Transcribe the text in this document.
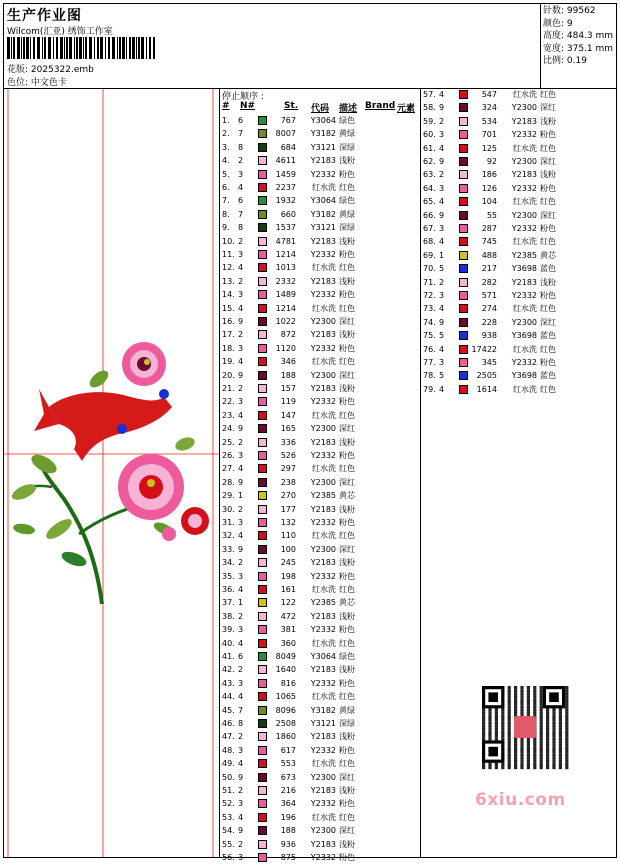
生产作业图
Wilcom(汇亚) 绣饰工作室
花版: 2025322.emb
色位: 中文色卡
针数: 99562
颜色: 9
高度: 484.3 mm
宽度: 375.1 mm
比例: 0.19
停止顺序 :
# N#	St. 代码 描述 Brand 元素
1. 6	767	Y3064 绿色
2. 7	8007	Y3182 黄绿
3. 8	684	Y3121 深绿
4. 2	4611	Y2183 浅粉
5. 3	1459	Y2332 粉色
6. 4	2237	红水洗 红色
7. 6	1932	Y3064 绿色
8. 7	660	Y3182 黄绿
9. 8	1537	Y3121 深绿
10. 2	4781	Y2183 浅粉
11. 3	1214	Y2332 粉色
12. 4	1013	红水洗 红色
13. 2	2332	Y2183 浅粉
14. 3	1489	Y2332 粉色
15. 4	1214	红水洗 红色
16. 9	1022	Y2300 深红
17. 2	872	Y2183 浅粉
18. 3	1120	Y2332 粉色
19. 4	346	红水洗 红色
20. 9	188	Y2300 深红
21. 2	157	Y2183 浅粉
22. 3	119	Y2332 粉色
23. 4	147	红水洗 红色
24. 9	165	Y2300 深红
25. 2	336	Y2183 浅粉
26. 3	526	Y2332 粉色
27. 4	297	红水洗 红色
28. 9	238	Y2300 深红
29. 1	270	Y2385 黄芯
30. 2	177	Y2183 浅粉
31. 3	132	Y2332 粉色
32. 4	110	红水洗 红色
33. 9	100	Y2300 深红
34. 2	245	Y2183 浅粉
35. 3	198	Y2332 粉色
36. 4	161	红水洗 红色
37. 1	122	Y2385 黄芯
38. 2	472	Y2183 浅粉
39. 3	381	Y2332 粉色
40. 4	360	红水洗 红色
41. 6	8049	Y3064 绿色
42. 2	1640	Y2183 浅粉
43. 3	816	Y2332 粉色
44. 4	1065	红水洗 红色
45. 7	8096	Y3182 黄绿
46. 8	2508	Y3121 深绿
47. 2	1860	Y2183 浅粉
48. 3	617	Y2332 粉色
49. 4	553	红水洗 红色
50. 9	673	Y2300 深红
51. 2	216	Y2183 浅粉
52. 3	364	Y2332 粉色
53. 4	196	红水洗 红色
54. 9	188	Y2300 深红
55. 2	936	Y2183 浅粉
56. 3	875	Y2332 粉色
57. 4	547	红水洗 红色
58. 9	324	Y2300 深红
59. 2	534	Y2183 浅粉
60. 3	701	Y2332 粉色
61. 4	125	红水洗 红色
62. 9	92	Y2300 深红
63. 2	186	Y2183 浅粉
64. 3	126	Y2332 粉色
65. 4	104	红水洗 红色
66. 9	55	Y2300 深红
67. 3	287	Y2332 粉色
68. 4	745	红水洗 红色
69. 1	488	Y2385 黄芯
70. 5	217	Y3698 蓝色
71. 2	282	Y2183 浅粉
72. 3	571	Y2332 粉色
73. 4	274	红水洗 红色
74. 9	228	Y2300 深红
75. 5	938	Y3698 蓝色
76. 4	17422	红水洗 红色
77. 3	345	Y2332 粉色
78. 5	2505	Y3698 蓝色
79. 4	1614	红水洗 红色
6xiu.com
